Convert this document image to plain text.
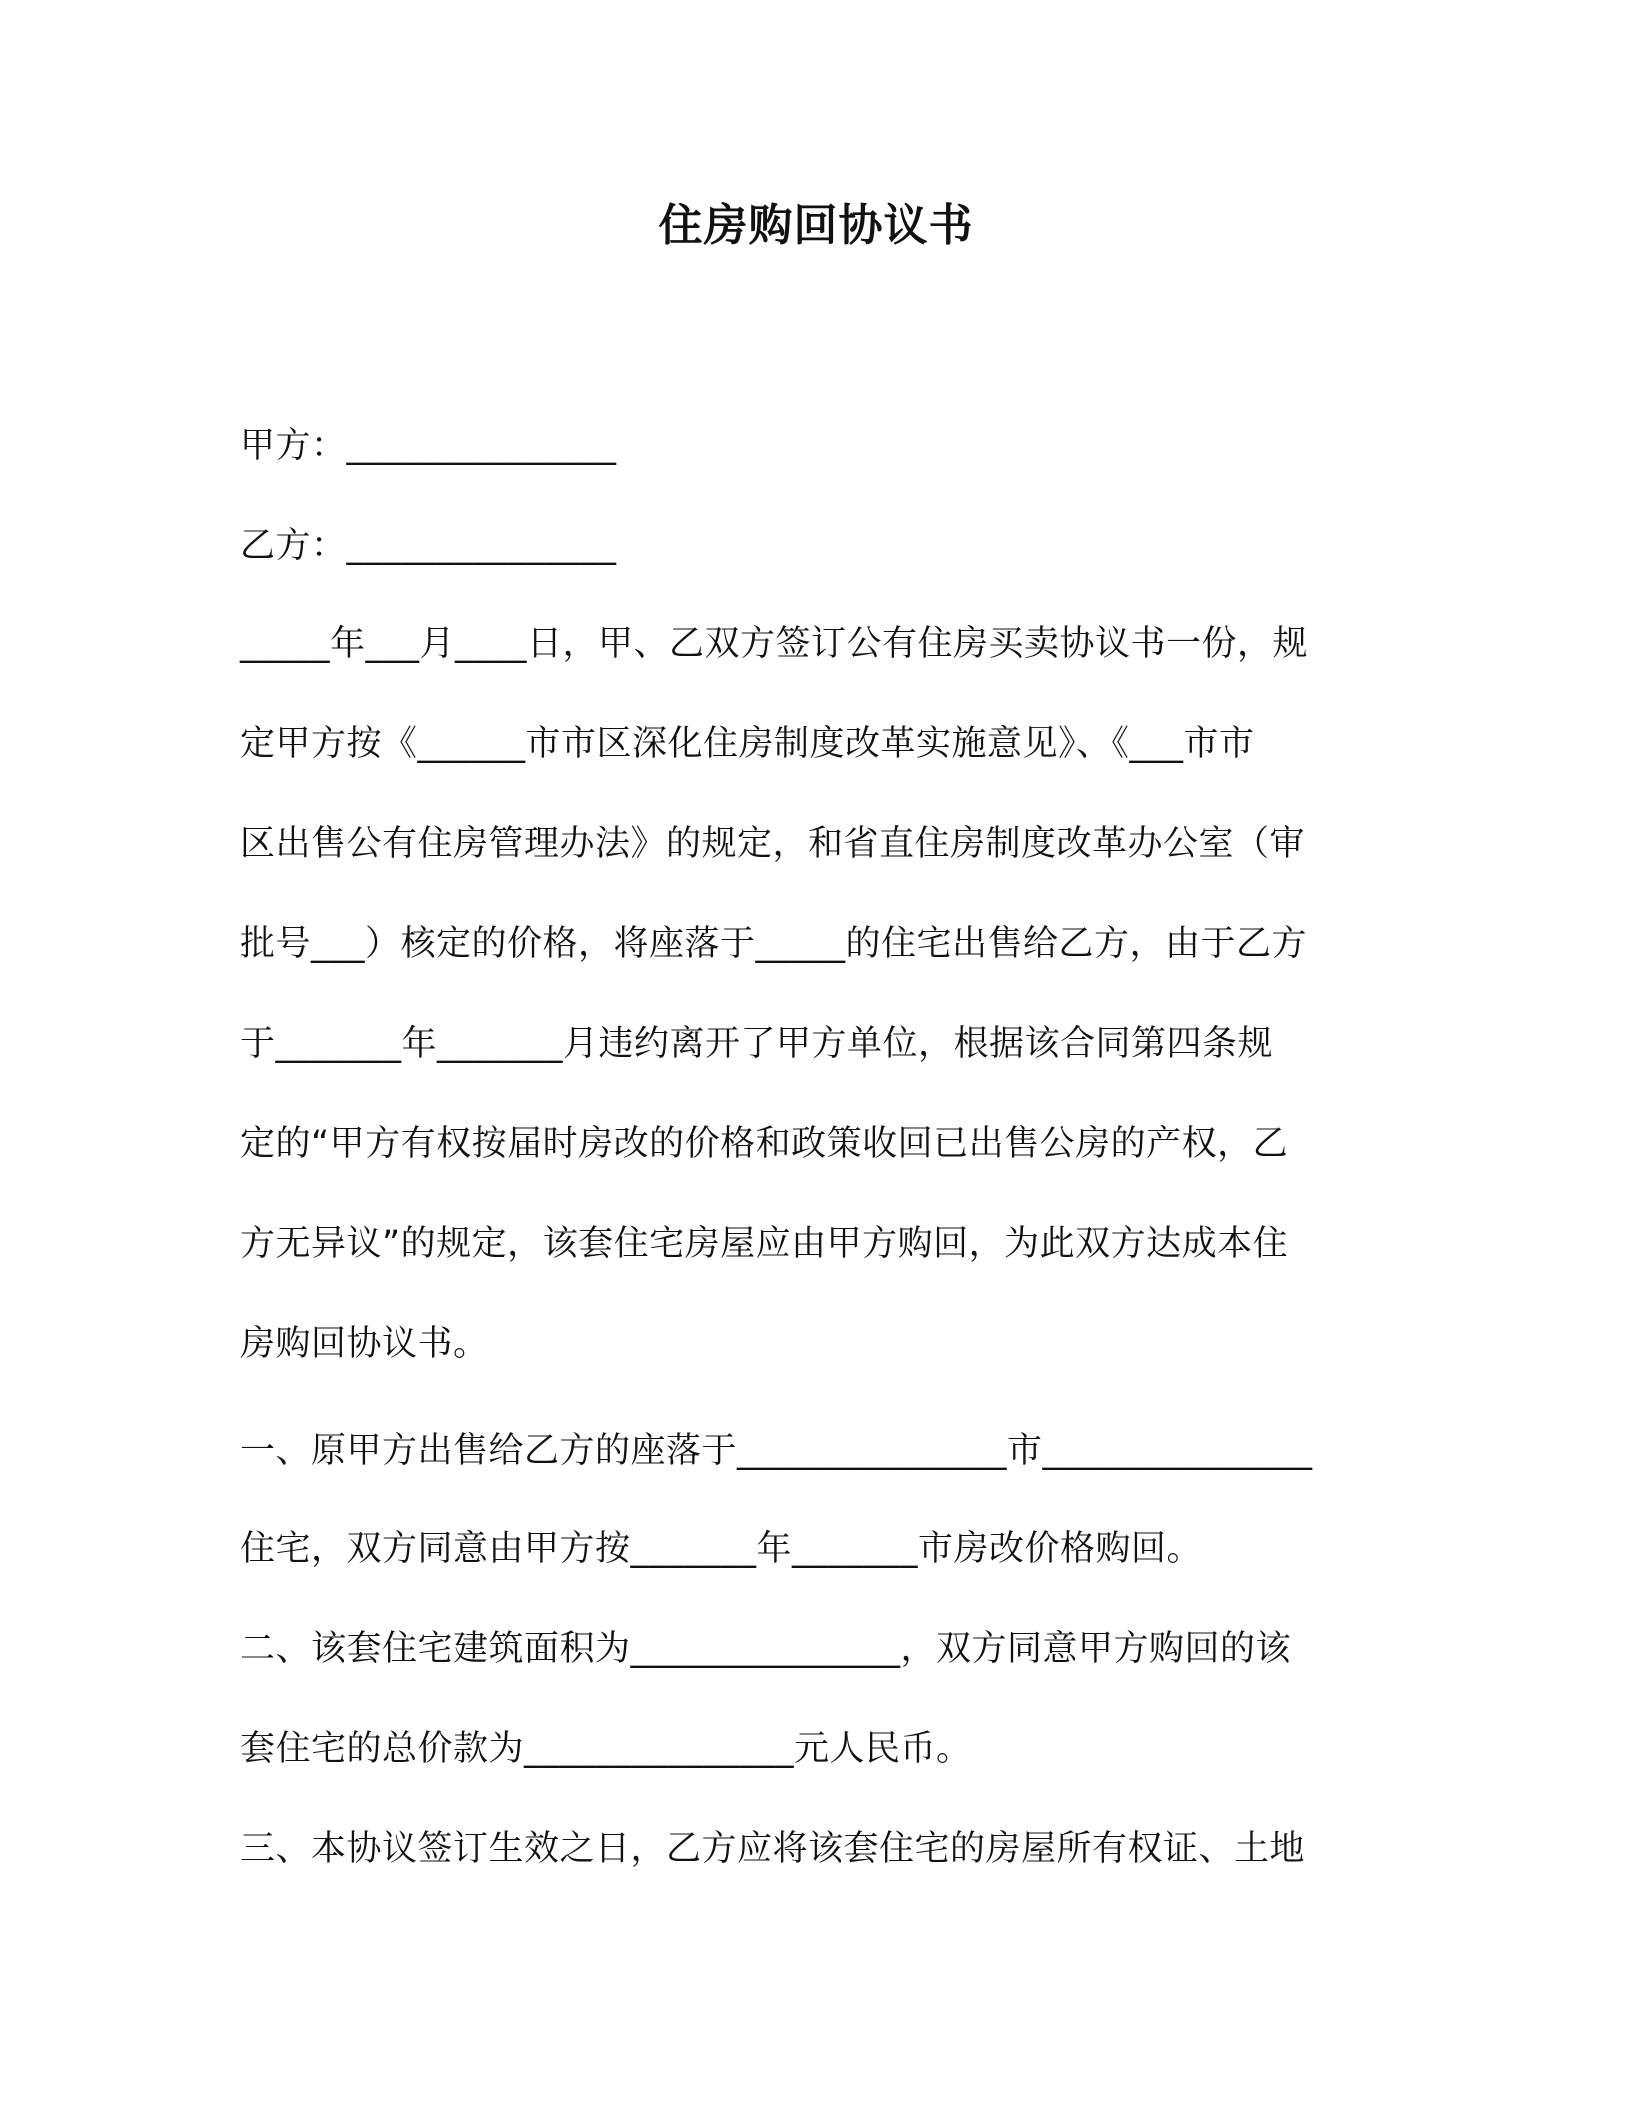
住房购回协议书
甲方：_______________
乙方：_______________
_____年___月____日，甲、乙双方签订公有住房买卖协议书一份，规
定甲方按《______市市区深化住房制度改革实施意见》、《___市市
区出售公有住房管理办法》的规定，和省直住房制度改革办公室（审
批号___）核定的价格，将座落于_____的住宅出售给乙方，由于乙方
于_______年_______月违约离开了甲方单位，根据该合同第四条规
定的“甲方有权按届时房改的价格和政策收回已出售公房的产权，乙
方无异议”的规定，该套住宅房屋应由甲方购回，为此双方达成本住
房购回协议书。
一、原甲方出售给乙方的座落于_______________市_______________
住宅，双方同意由甲方按_______年_______市房改价格购回。
二、该套住宅建筑面积为_______________，双方同意甲方购回的该
套住宅的总价款为_______________元人民币。
三、本协议签订生效之日，乙方应将该套住宅的房屋所有权证、土地
